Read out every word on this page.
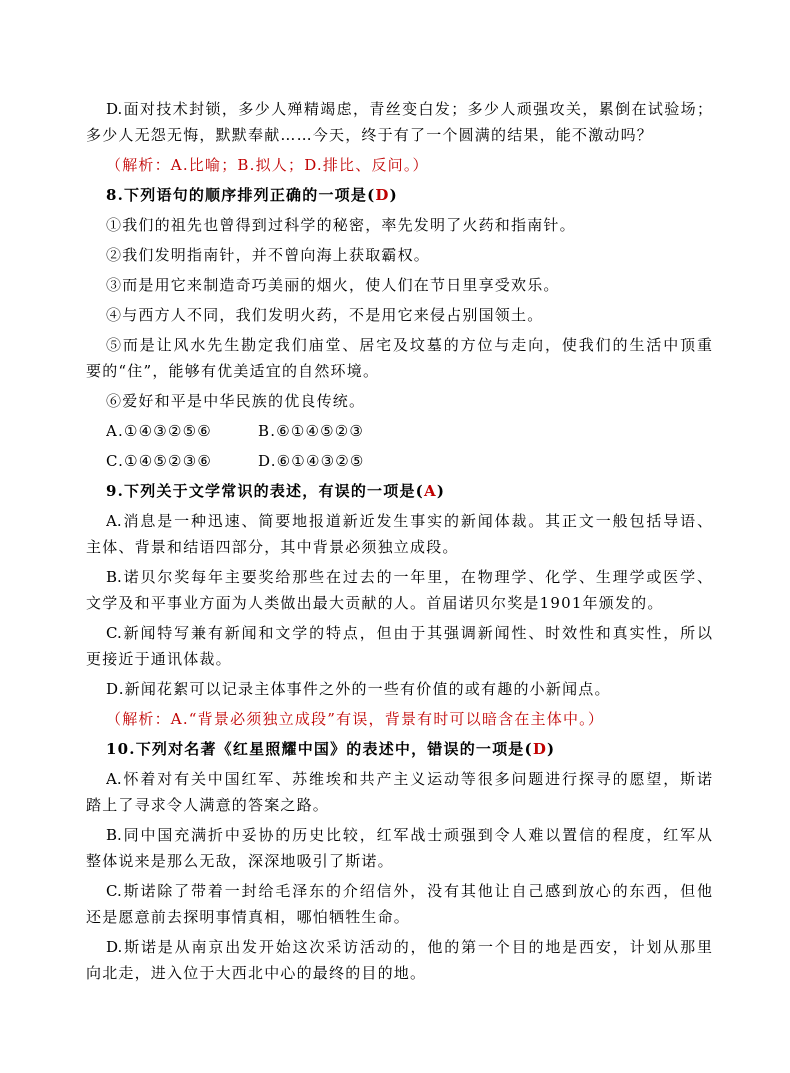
D.面对技术封锁，多少人殚精竭虑，青丝变白发；多少人顽强攻关，累倒在试验场；
多少人无怨无悔，默默奉献……今天，终于有了一个圆满的结果，能不激动吗？
（解析：A.比喻；B.拟人；D.排比、反问。）
8.下列语句的顺序排列正确的一项是(D)
①我们的祖先也曾得到过科学的秘密，率先发明了火药和指南针。
②我们发明指南针，并不曾向海上获取霸权。
③而是用它来制造奇巧美丽的烟火，使人们在节日里享受欢乐。
④与西方人不同，我们发明火药，不是用它来侵占别国领土。
⑤而是让风水先生勘定我们庙堂、居宅及坟墓的方位与走向，使我们的生活中顶重
要的“住”，能够有优美适宜的自然环境。
⑥爱好和平是中华民族的优良传统。
A.①④③②⑤⑥	B.⑥①④⑤②③
C.①④⑤②③⑥	D.⑥①④③②⑤
9.下列关于文学常识的表述，有误的一项是(A)
A.消息是一种迅速、简要地报道新近发生事实的新闻体裁。其正文一般包括导语、
主体、背景和结语四部分，其中背景必须独立成段。
B.诺贝尔奖每年主要奖给那些在过去的一年里，在物理学、化学、生理学或医学、
文学及和平事业方面为人类做出最大贡献的人。首届诺贝尔奖是1901年颁发的。
C.新闻特写兼有新闻和文学的特点，但由于其强调新闻性、时效性和真实性，所以
更接近于通讯体裁。
D.新闻花絮可以记录主体事件之外的一些有价值的或有趣的小新闻点。
（解析：A.“背景必须独立成段”有误，背景有时可以暗含在主体中。）
10.下列对名著《红星照耀中国》的表述中，错误的一项是(D)
A.怀着对有关中国红军、苏维埃和共产主义运动等很多问题进行探寻的愿望，斯诺
踏上了寻求令人满意的答案之路。
B.同中国充满折中妥协的历史比较，红军战士顽强到令人难以置信的程度，红军从
整体说来是那么无敌，深深地吸引了斯诺。
C.斯诺除了带着一封给毛泽东的介绍信外，没有其他让自己感到放心的东西，但他
还是愿意前去探明事情真相，哪怕牺牲生命。
D.斯诺是从南京出发开始这次采访活动的，他的第一个目的地是西安，计划从那里
向北走，进入位于大西北中心的最终的目的地。
